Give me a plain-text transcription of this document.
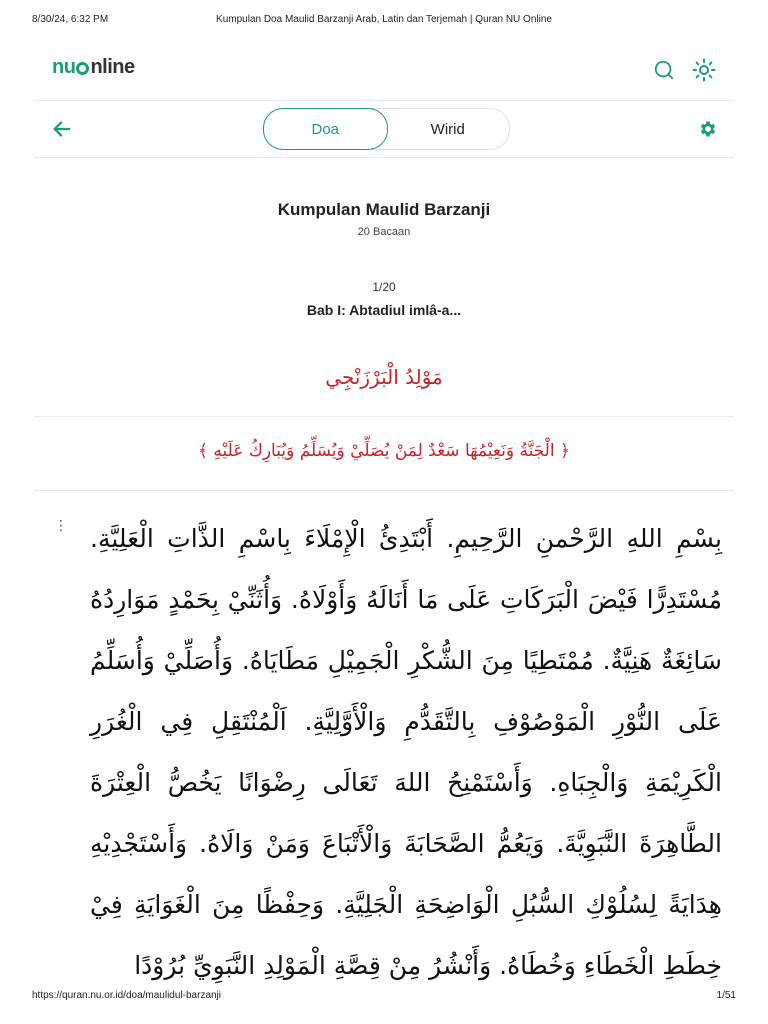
8/30/24, 6:32 PM	Kumpulan Doa Maulid Barzanji Arab, Latin dan Terjemah | Quran NU Online
nu nline
Doa	Wirid
Kumpulan Maulid Barzanji
20 Bacaan
1/20
Bab I: Abtadiul imlâ-a...
مَوْلِدُ الْبَرْزَنْجِي
﴿ الْجَنَّةُ وَنَعِيْمُهَا سَعْدٌ لِمَنْ يُصَلِّيْ وَيُسَلِّمُ وَيُبَارِكُ عَلَيْهِ ﴾
⋮ بِسْمِ اللهِ الرَّحْمنِ الرَّحِيمِ. أَبْتَدِئُ الْإِمْلَاءَ بِاسْمِ الذَّاتِ الْعَلِيَّةِ. مُسْتَدِرًّا فَيْضَ الْبَرَكَاتِ عَلَى مَا أَنَالَهُ وَأَوْلَاهُ. وَأُثَنِّيْ بِحَمْدٍ مَوَارِدُهُ سَائِغَةٌ هَنِيَّةٌ. مُمْتَطِيًا مِنَ الشُّكْرِ الْجَمِيْلِ مَطَايَاهُ. وَأُصَلِّيْ وَأُسَلِّمُ عَلَى النُّوْرِ الْمَوْصُوْفِ بِالتَّقَدُّمِ وَالْأَوَّلِيَّةِ. اَلْمُنْتَقِلِ فِي الْغُرَرِ الْكَرِيْمَةِ وَالْجِبَاهِ. وَأَسْتَمْنِحُ اللهَ تَعَالَى رِضْوَانًا يَخُصُّ الْعِتْرَةَ الطَّاهِرَةَ النَّبَوِيَّةَ. وَيَعُمُّ الصَّحَابَةَ وَالْأَتْبَاعَ وَمَنْ وَالَاهُ. وَأَسْتَجْدِيْهِ هِدَايَةً لِسُلُوْكِ السُّبُلِ الْوَاضِحَةِ الْجَلِيَّةِ. وَحِفْظًا مِنَ الْغَوَايَةِ فِيْ خِطَطِ الْخَطَاءِ وَخُطَاهُ. وَأَنْشُرُ مِنْ قِصَّةِ الْمَوْلِدِ النَّبَوِيِّ بُرُوْدًا
https://quran.nu.or.id/doa/maulidul-barzanji	1/51
